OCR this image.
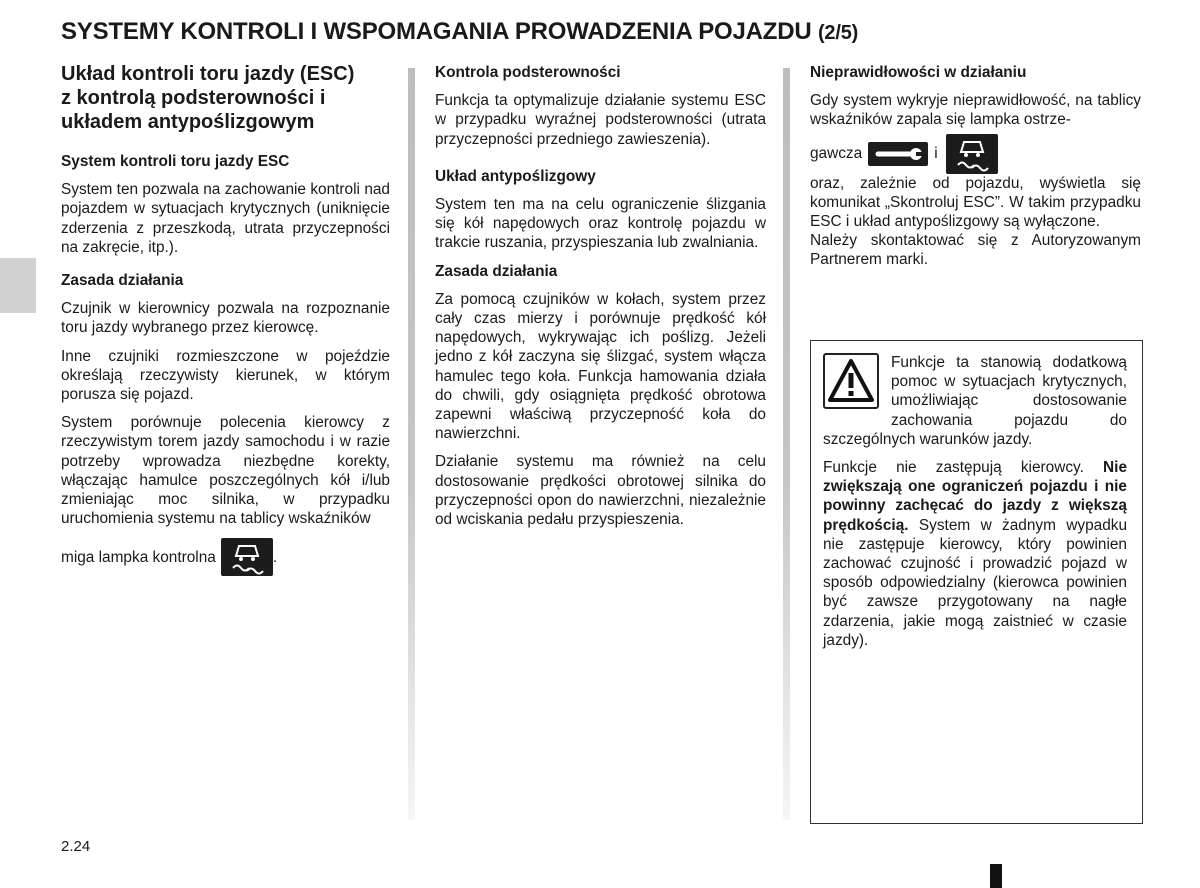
SYSTEMY KONTROLI I WSPOMAGANIA PROWADZENIA POJAZDU (2/5)
Układ kontroli toru jazdy (ESC)
z kontrolą podsterowności i
układem antypoślizgowym

System kontroli toru jazdy ESC

System ten pozwala na zachowanie kontroli nad pojazdem w sytuacjach krytycznych (uniknięcie zderzenia z przeszkodą, utrata przyczepności na zakręcie, itp.).

Zasada działania

Czujnik w kierownicy pozwala na rozpoznanie toru jazdy wybranego przez kierowcę.

Inne czujniki rozmieszczone w pojeździe określają rzeczywisty kierunek, w którym porusza się pojazd.

System porównuje polecenia kierowcy z rzeczywistym torem jazdy samochodu i w razie potrzeby wprowadza niezbędne korekty, włączając hamulce poszczególnych kół i/lub zmieniając moc silnika, w przypadku uruchomienia systemu na tablicy wskaźników

miga lampka kontrolna	.

Kontrola podsterowności

Funkcja ta optymalizuje działanie systemu ESC w przypadku wyraźnej podsterowności (utrata przyczepności przedniego zawieszenia).

Układ antypoślizgowy

System ten ma na celu ograniczenie ślizgania się kół napędowych oraz kontrolę pojazdu w trakcie ruszania, przyspieszania lub zwalniania.

Zasada działania

Za pomocą czujników w kołach, system przez cały czas mierzy i porównuje prędkość kół napędowych, wykrywając ich poślizg. Jeżeli jedno z kół zaczyna się ślizgać, system włącza hamulec tego koła. Funkcja hamowania działa do chwili, gdy osiągnięta prędkość obrotowa zapewni właściwą przyczepność koła do nawierzchni.

Działanie systemu ma również na celu dostosowanie prędkości obrotowej silnika do przyczepności opon do nawierzchni, niezależnie od wciskania pedału przyspieszenia.

Nieprawidłowości w działaniu

Gdy system wykryje nieprawidłowość, na tablicy wskaźników zapala się lampka ostrze-

gawcza	i

oraz, zależnie od pojazdu, wyświetla się komunikat „Skontroluj ESC”. W takim przypadku ESC i układ antypoślizgowy są wyłączone.

Należy skontaktować się z Autoryzowanym Partnerem marki.

Funkcje ta stanowią dodatkową pomoc w sytuacjach krytycznych, umożliwiając dostosowanie zachowania pojazdu do szczególnych warunków jazdy.

Funkcje nie zastępują kierowcy. Nie zwiększają one ograniczeń pojazdu i nie powinny zachęcać do jazdy z większą prędkością. System w żadnym wypadku nie zastępuje kierowcy, który powinien zachować czujność i prowadzić pojazd w sposób odpowiedzialny (kierowca powinien być zawsze przygotowany na nagłe zdarzenia, jakie mogą zaistnieć w czasie jazdy).

2.24
